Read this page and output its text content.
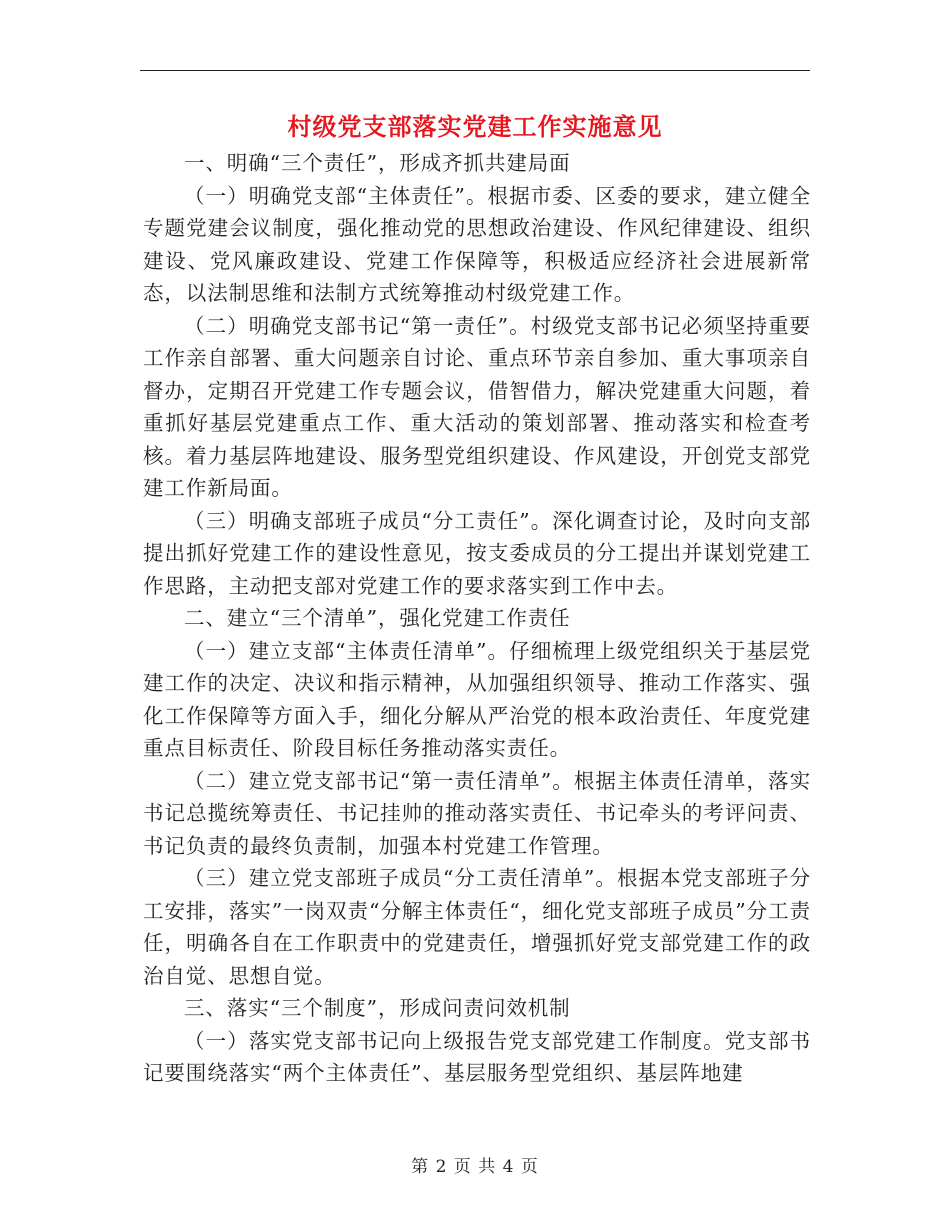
村级党支部落实党建工作实施意见

一、明确“三个责任”，形成齐抓共建局面

（一）明确党支部“主体责任”。根据市委、区委的要求，建立健全专题党建会议制度，强化推动党的思想政治建设、作风纪律建设、组织建设、党风廉政建设、党建工作保障等，积极适应经济社会进展新常态，以法制思维和法制方式统筹推动村级党建工作。

（二）明确党支部书记“第一责任”。村级党支部书记必须坚持重要工作亲自部署、重大问题亲自讨论、重点环节亲自参加、重大事项亲自督办，定期召开党建工作专题会议，借智借力，解决党建重大问题，着重抓好基层党建重点工作、重大活动的策划部署、推动落实和检查考核。着力基层阵地建设、服务型党组织建设、作风建设，开创党支部党建工作新局面。

（三）明确支部班子成员“分工责任”。深化调查讨论，及时向支部提出抓好党建工作的建设性意见，按支委成员的分工提出并谋划党建工作思路，主动把支部对党建工作的要求落实到工作中去。

二、建立“三个清单”，强化党建工作责任

（一）建立支部“主体责任清单”。仔细梳理上级党组织关于基层党建工作的决定、决议和指示精神，从加强组织领导、推动工作落实、强化工作保障等方面入手，细化分解从严治党的根本政治责任、年度党建重点目标责任、阶段目标任务推动落实责任。

（二）建立党支部书记“第一责任清单”。根据主体责任清单，落实书记总揽统筹责任、书记挂帅的推动落实责任、书记牵头的考评问责、书记负责的最终负责制，加强本村党建工作管理。

（三）建立党支部班子成员“分工责任清单”。根据本党支部班子分工安排，落实”一岗双责“分解主体责任“，细化党支部班子成员”分工责任，明确各自在工作职责中的党建责任，增强抓好党支部党建工作的政治自觉、思想自觉。

三、落实“三个制度”，形成问责问效机制

（一）落实党支部书记向上级报告党支部党建工作制度。党支部书记要围绕落实“两个主体责任”、基层服务型党组织、基层阵地建

第 2 页 共 4 页
